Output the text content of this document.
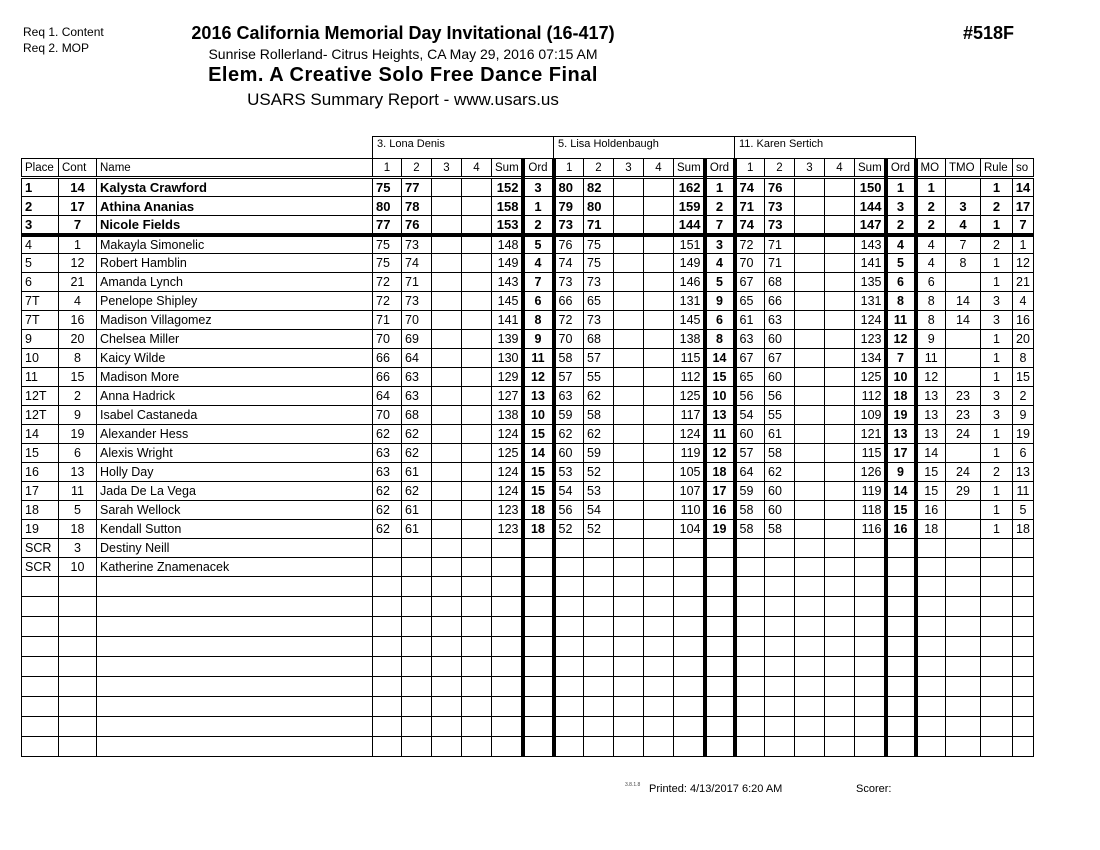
Req 1. Content
Req 2. MOP
2016 California Memorial Day Invitational (16-417)
Sunrise Rollerland- Citrus Heights, CA May 29, 2016 07:15 AM
Elem. A Creative Solo Free Dance Final
USARS Summary Report - www.usars.us
#518F
3. Lona Denis	5. Lisa Holdenbaugh	11. Karen Sertich
Place	Cont	Name	1	2	3	4	Sum	Ord	1	2	3	4	Sum	Ord	1	2	3	4	Sum	Ord	MO	TMO	Rule	so
1	14	Kalysta Crawford	75	77			152	3	80	82			162	1	74	76			150	1	1		1	14
2	17	Athina Ananias	80	78			158	1	79	80			159	2	71	73			144	3	2	3	2	17
3	7	Nicole Fields	77	76			153	2	73	71			144	7	74	73			147	2	2	4	1	7
4	1	Makayla Simonelic	75	73			148	5	76	75			151	3	72	71			143	4	4	7	2	1
5	12	Robert Hamblin	75	74			149	4	74	75			149	4	70	71			141	5	4	8	1	12
6	21	Amanda Lynch	72	71			143	7	73	73			146	5	67	68			135	6	6		1	21
7T	4	Penelope Shipley	72	73			145	6	66	65			131	9	65	66			131	8	8	14	3	4
7T	16	Madison Villagomez	71	70			141	8	72	73			145	6	61	63			124	11	8	14	3	16
9	20	Chelsea Miller	70	69			139	9	70	68			138	8	63	60			123	12	9		1	20
10	8	Kaicy Wilde	66	64			130	11	58	57			115	14	67	67			134	7	11		1	8
11	15	Madison More	66	63			129	12	57	55			112	15	65	60			125	10	12		1	15
12T	2	Anna Hadrick	64	63			127	13	63	62			125	10	56	56			112	18	13	23	3	2
12T	9	Isabel Castaneda	70	68			138	10	59	58			117	13	54	55			109	19	13	23	3	9
14	19	Alexander Hess	62	62			124	15	62	62			124	11	60	61			121	13	13	24	1	19
15	6	Alexis Wright	63	62			125	14	60	59			119	12	57	58			115	17	14		1	6
16	13	Holly Day	63	61			124	15	53	52			105	18	64	62			126	9	15	24	2	13
17	11	Jada De La Vega	62	62			124	15	54	53			107	17	59	60			119	14	15	29	1	11
18	5	Sarah Wellock	62	61			123	18	56	54			110	16	58	60			118	15	16		1	5
19	18	Kendall Sutton	62	61			123	18	52	52			104	19	58	58			116	16	18		1	18
SCR	3	Destiny Neill																						
SCR	10	Katherine Znamenacek																						

3.8.1.8 Printed: 4/13/2017 6:20 AM	Scorer:
